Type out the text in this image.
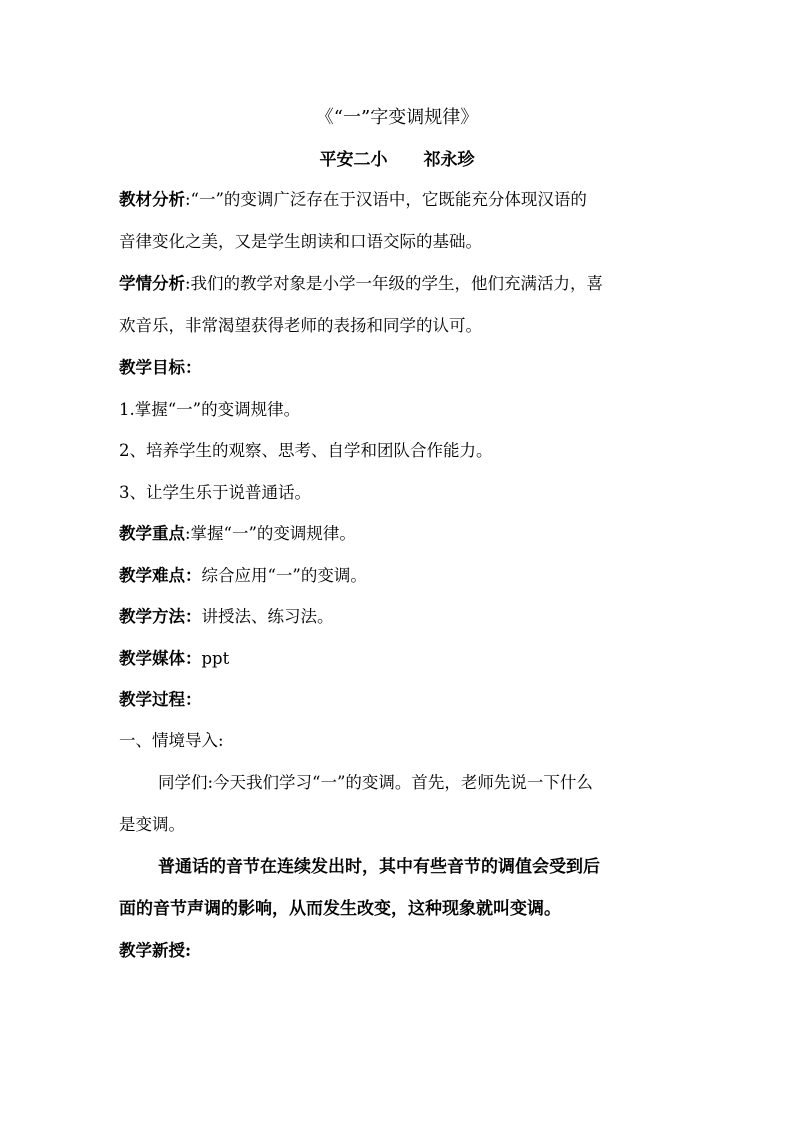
《“一”字变调规律》
平安二小 祁永珍
教材分析:“一”的变调广泛存在于汉语中，它既能充分体现汉语的
音律变化之美，又是学生朗读和口语交际的基础。
学情分析:我们的教学对象是小学一年级的学生，他们充满活力，喜
欢音乐，非常渴望获得老师的表扬和同学的认可。
教学目标：
1.掌握“一”的变调规律。
2、培养学生的观察、思考、自学和团队合作能力。
3、让学生乐于说普通话。
教学重点:掌握“一”的变调规律。
教学难点：综合应用“一”的变调。
教学方法：讲授法、练习法。
教学媒体：ppt
教学过程：
一、情境导入:
同学们:今天我们学习“一”的变调。首先，老师先说一下什么
是变调。
普通话的音节在连续发出时，其中有些音节的调值会受到后
面的音节声调的影响，从而发生改变，这种现象就叫变调。
教学新授:
